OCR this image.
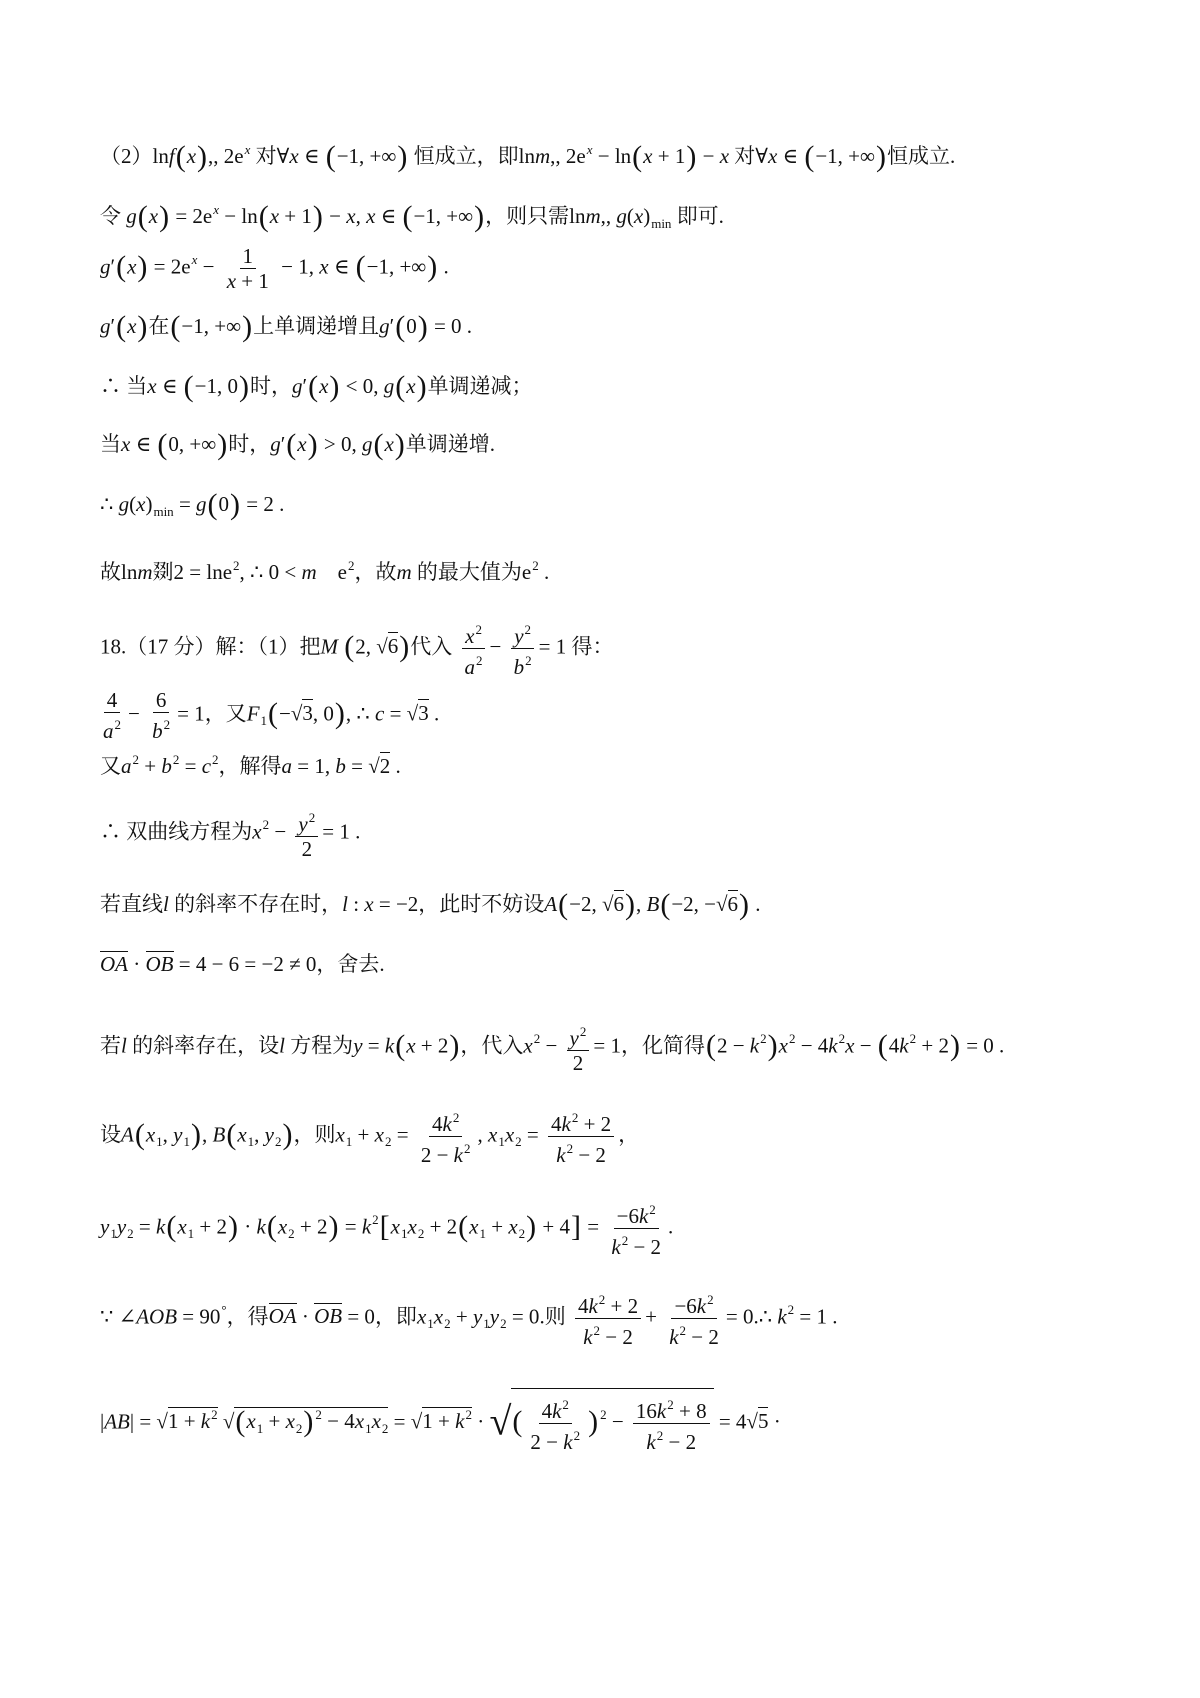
（2）lnf(x),, $2e^x$ 对∀x ∈ (−1, +∞) 恒成立，即lnm,, $2e^x - \ln(x + 1) - x$ 对∀x ∈ (−1, +∞)恒成立.
令 $g(x) = 2e^x - \ln(x + 1) - x$, x ∈ (−1, +∞)，则只需lnm,, $g(x)_{min}$ 即可.
$g'(x) = 2e^x - \frac{1}{x + 1} - 1$, x ∈ (−1, +∞) .
g′(x)在(−1, +∞)上单调递增且g′(0) = 0 .
∴ 当x ∈ (−1, 0)时，g′(x) < 0, g(x)单调递减；
当x ∈ (0, +∞)时，g′(x) > 0, g(x)单调递增.
∴ $g(x)_{min} = g(0) = 2$ .
故lnm剟2 = lne$^2$, ∴ 0 < m    $e^2$，故m 的最大值为$e^2$ .
18.（17 分）解：（1）把M (2, √6)代入 $\frac{x^2}{a^2} - \frac{y^2}{b^2} = 1$ 得：
$\frac{4}{a^2} - \frac{6}{b^2} = 1$，又$F_1(-√3$, 0), ∴ c = √3 .
又$a^2 + b^2 = c^2$，解得a = 1, b = √2 .
∴ 双曲线方程为$x^2 - \frac{y^2}{2} = 1$ .
若直线l 的斜率不存在时，l : x = −2，此时不妨设A(−2, √6), B(−2, −√6) .
OA · OB = 4 − 6 = −2 ≠ 0，舍去.
若l 的斜率存在，设l 方程为y = k(x + 2)，代入$x^2 - \frac{y^2}{2} = 1$，化简得$(2 - k^2)x^2 - 4k^2x - (4k^2 + 2) = 0$ .
设$A(x_1$, $y_1$), $B(x_1$, $y_2$)，则$x_1 + x_2 = \frac{4k^2}{2 - k^2}$ , $x_1x_2 = \frac{4k^2 + 2}{k^2 - 2}$ ，
$y_1y_2 = k(x_1 + 2) \cdot k(x_2 + 2) = k^2[x_1x_2 + 2(x_1 + x_2) + 4] = \frac{-6k^2}{k^2 - 2}$ .
∵ ∠AOB = 90°，得OA · OB = 0，即$x_1x_2 + y_1y_2 = 0$.则 $\frac{4k^2 + 2}{k^2 - 2} + \frac{-6k^2}{k^2 - 2}$ = 0.∴ $k^2 = 1$ .
$|AB| = √1 + k^2$ $√(x_1 + x_2) ^2 - 4x_1x_2 = √1 + k^2$ · √( $\frac{4k^2}{2 - k^2}$ ) $^2 - \frac{16k^2 + 8}{k^2 - 2} = 4√5$ ·
